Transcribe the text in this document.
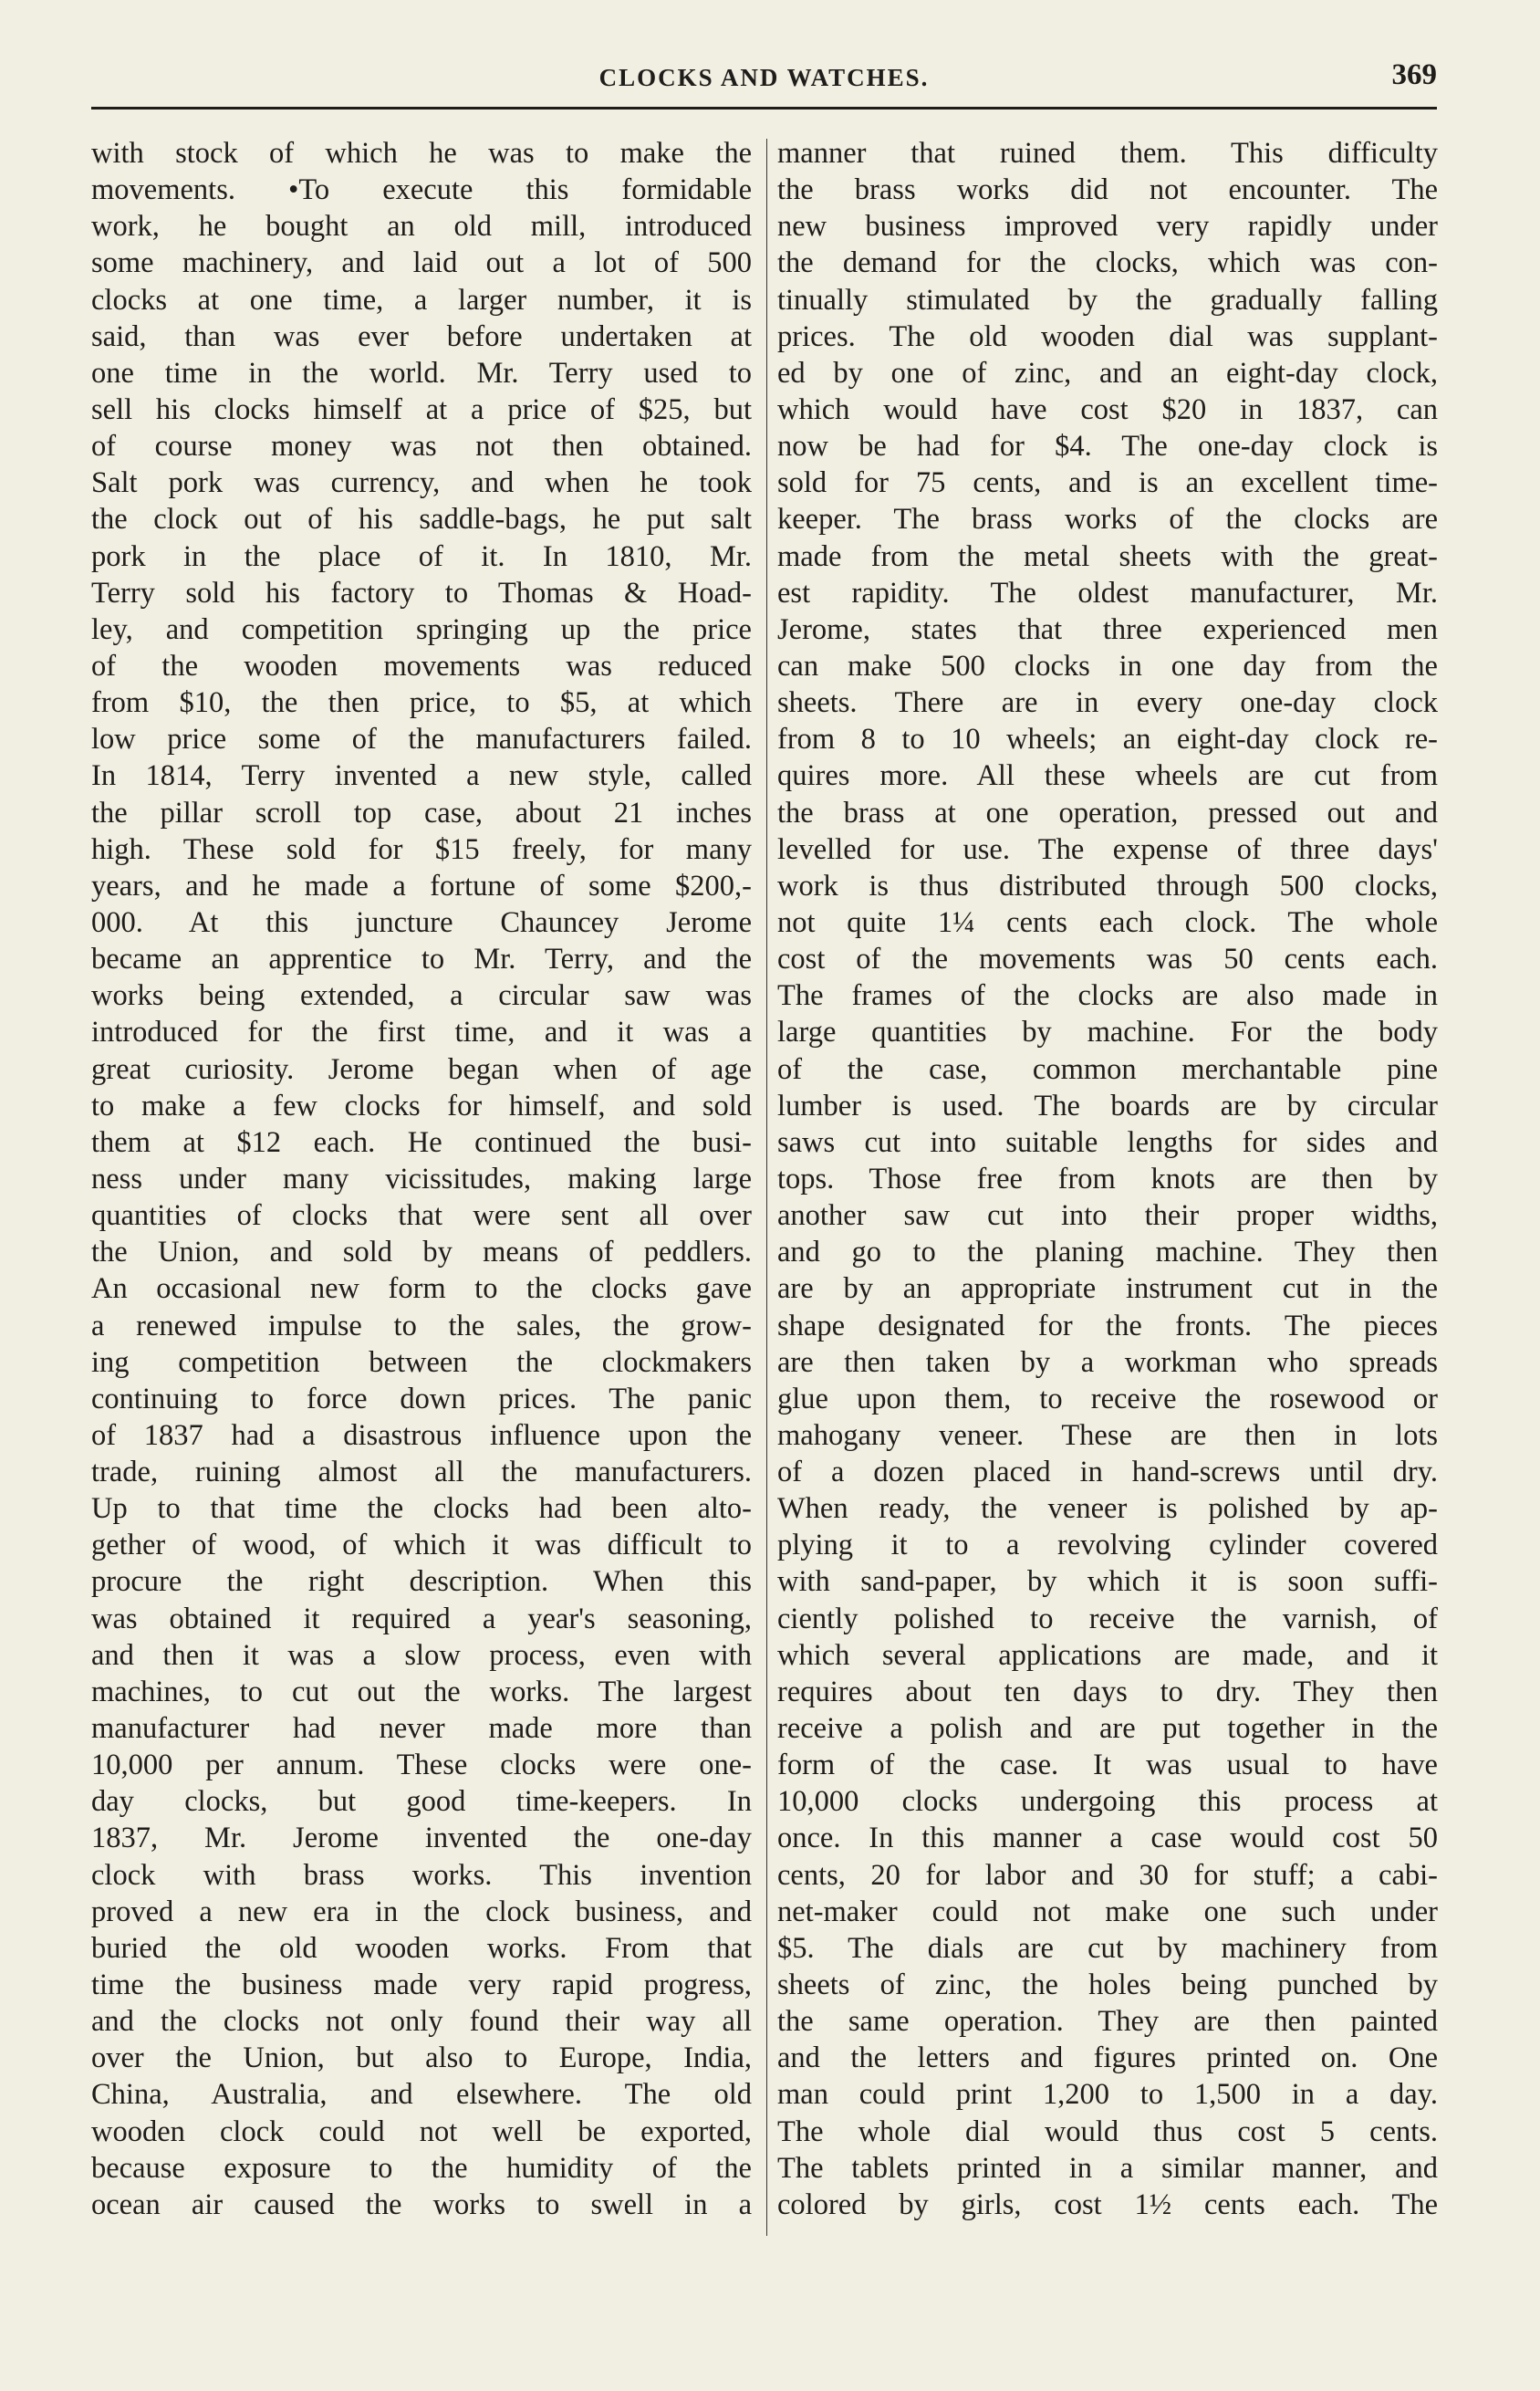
CLOCKS AND WATCHES.	369
with stock of which he was to make the
movements. •To execute this formidable
work, he bought an old mill, introduced
some machinery, and laid out a lot of 500
clocks at one time, a larger number, it is
said, than was ever before undertaken at
one time in the world. Mr. Terry used to
sell his clocks himself at a price of $25, but
of course money was not then obtained.
Salt pork was currency, and when he took
the clock out of his saddle-bags, he put salt
pork in the place of it. In 1810, Mr.
Terry sold his factory to Thomas & Hoad-
ley, and competition springing up the price
of the wooden movements was reduced
from $10, the then price, to $5, at which
low price some of the manufacturers failed.
In 1814, Terry invented a new style, called
the pillar scroll top case, about 21 inches
high. These sold for $15 freely, for many
years, and he made a fortune of some $200,-
000. At this juncture Chauncey Jerome
became an apprentice to Mr. Terry, and the
works being extended, a circular saw was
introduced for the first time, and it was a
great curiosity. Jerome began when of age
to make a few clocks for himself, and sold
them at $12 each. He continued the busi-
ness under many vicissitudes, making large
quantities of clocks that were sent all over
the Union, and sold by means of peddlers.
An occasional new form to the clocks gave
a renewed impulse to the sales, the grow-
ing competition between the clockmakers
continuing to force down prices. The panic
of 1837 had a disastrous influence upon the
trade, ruining almost all the manufacturers.
Up to that time the clocks had been alto-
gether of wood, of which it was difficult to
procure the right description. When this
was obtained it required a year's seasoning,
and then it was a slow process, even with
machines, to cut out the works. The largest
manufacturer had never made more than
10,000 per annum. These clocks were one-
day clocks, but good time-keepers. In
1837, Mr. Jerome invented the one-day
clock with brass works. This invention
proved a new era in the clock business, and
buried the old wooden works. From that
time the business made very rapid progress,
and the clocks not only found their way all
over the Union, but also to Europe, India,
China, Australia, and elsewhere. The old
wooden clock could not well be exported,
because exposure to the humidity of the
ocean air caused the works to swell in a
manner that ruined them. This difficulty
the brass works did not encounter. The
new business improved very rapidly under
the demand for the clocks, which was con-
tinually stimulated by the gradually falling
prices. The old wooden dial was supplant-
ed by one of zinc, and an eight-day clock,
which would have cost $20 in 1837, can
now be had for $4. The one-day clock is
sold for 75 cents, and is an excellent time-
keeper. The brass works of the clocks are
made from the metal sheets with the great-
est rapidity. The oldest manufacturer, Mr.
Jerome, states that three experienced men
can make 500 clocks in one day from the
sheets. There are in every one-day clock
from 8 to 10 wheels; an eight-day clock re-
quires more. All these wheels are cut from
the brass at one operation, pressed out and
levelled for use. The expense of three days'
work is thus distributed through 500 clocks,
not quite 1¼ cents each clock. The whole
cost of the movements was 50 cents each.
The frames of the clocks are also made in
large quantities by machine. For the body
of the case, common merchantable pine
lumber is used. The boards are by circular
saws cut into suitable lengths for sides and
tops. Those free from knots are then by
another saw cut into their proper widths,
and go to the planing machine. They then
are by an appropriate instrument cut in the
shape designated for the fronts. The pieces
are then taken by a workman who spreads
glue upon them, to receive the rosewood or
mahogany veneer. These are then in lots
of a dozen placed in hand-screws until dry.
When ready, the veneer is polished by ap-
plying it to a revolving cylinder covered
with sand-paper, by which it is soon suffi-
ciently polished to receive the varnish, of
which several applications are made, and it
requires about ten days to dry. They then
receive a polish and are put together in the
form of the case. It was usual to have
10,000 clocks undergoing this process at
once. In this manner a case would cost 50
cents, 20 for labor and 30 for stuff; a cabi-
net-maker could not make one such under
$5. The dials are cut by machinery from
sheets of zinc, the holes being punched by
the same operation. They are then painted
and the letters and figures printed on. One
man could print 1,200 to 1,500 in a day.
The whole dial would thus cost 5 cents.
The tablets printed in a similar manner, and
colored by girls, cost 1½ cents each. The
